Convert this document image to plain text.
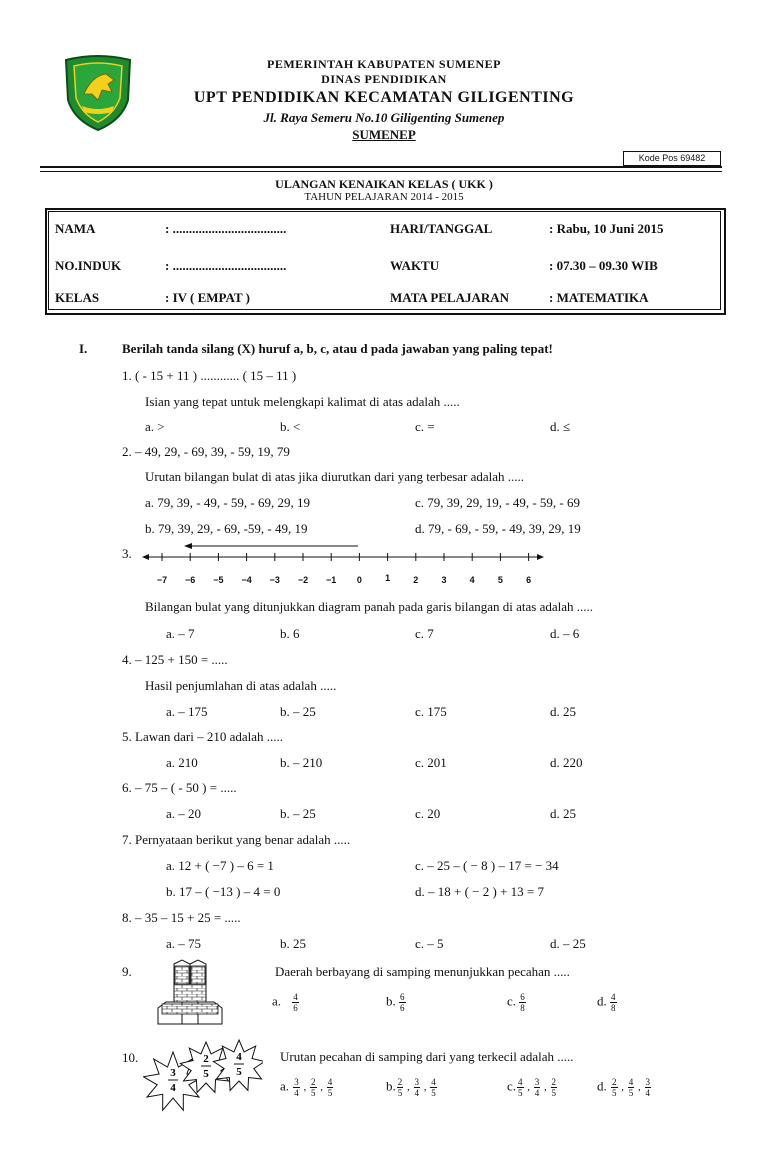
PEMERINTAH KABUPATEN SUMENEP
DINAS PENDIDIKAN
UPT PENDIDIKAN KECAMATAN GILIGENTING
Jl. Raya Semeru No.10 Giligenting Sumenep
SUMENEP
Kode Pos 69482
ULANGAN KENAIKAN KELAS ( UKK )
TAHUN PELAJARAN 2014 - 2015
NAMA	: ...................................
NO.INDUK	: ...................................
KELAS	: IV ( EMPAT )
HARI/TANGGAL	: Rabu, 10 Juni 2015
WAKTU	: 07.30 – 09.30 WIB
MATA PELAJARAN	: MATEMATIKA
I.	Berilah tanda silang (X) huruf a, b, c, atau d pada jawaban yang paling tepat!
1. ( - 15 + 11 ) ............ ( 15 – 11 )
Isian yang tepat untuk melengkapi kalimat di atas adalah .....
a. >	b. <	c. =	d. ≤
2. – 49, 29, - 69, 39, - 59, 19, 79
Urutan bilangan bulat di atas jika diurutkan dari yang terbesar adalah .....
a. 79, 39, - 49, - 59, - 69, 29, 19	c. 79, 39, 29, 19, - 49, - 59, - 69
b. 79, 39, 29, - 69, -59, - 49, 19	d. 79, - 69, - 59, - 49, 39, 29, 19
3.
−7	−6	−5	−4	−3	−2	−1	0	1	2	3	4	5	6
Bilangan bulat yang ditunjukkan diagram panah pada garis bilangan di atas adalah .....
a. – 7	b. 6	c. 7	d. – 6
4. – 125 + 150 = .....
Hasil penjumlahan di atas adalah .....
a. – 175	b. – 25	c. 175	d. 25
5. Lawan dari – 210 adalah .....
a. 210	b. – 210	c. 201	d. 220
6. – 75 – ( - 50 ) = .....
a. – 20	b. – 25	c. 20	d. 25
7. Pernyataan berikut yang benar adalah .....
a. 12 + ( −7 ) – 6 = 1	c. – 25 – ( − 8 ) – 17 = − 34
b. 17 – ( −13 ) – 4 = 0	d. – 18 + ( − 2 ) + 13 = 7
8. – 35 – 15 + 25 = .....
a. – 75	b. 25	c. – 5	d. – 25
9.	Daerah berbayang di samping menunjukkan pecahan .....
a. $\frac{4}{6}$	b. $\frac{6}{6}$	c. $\frac{6}{8}$	d. $\frac{4}{8}$
10.
3
4
2
5
4
5
Urutan pecahan di samping dari yang terkecil adalah .....
a. $\frac{3}{4}$ , $\frac{2}{5}$ , $\frac{4}{5}$	b. $\frac{2}{5}$ , $\frac{3}{4}$ , $\frac{4}{5}$	c. $\frac{4}{5}$ , $\frac{3}{4}$ , $\frac{2}{5}$	d. $\frac{2}{5}$ , $\frac{4}{5}$ , $\frac{3}{4}$
